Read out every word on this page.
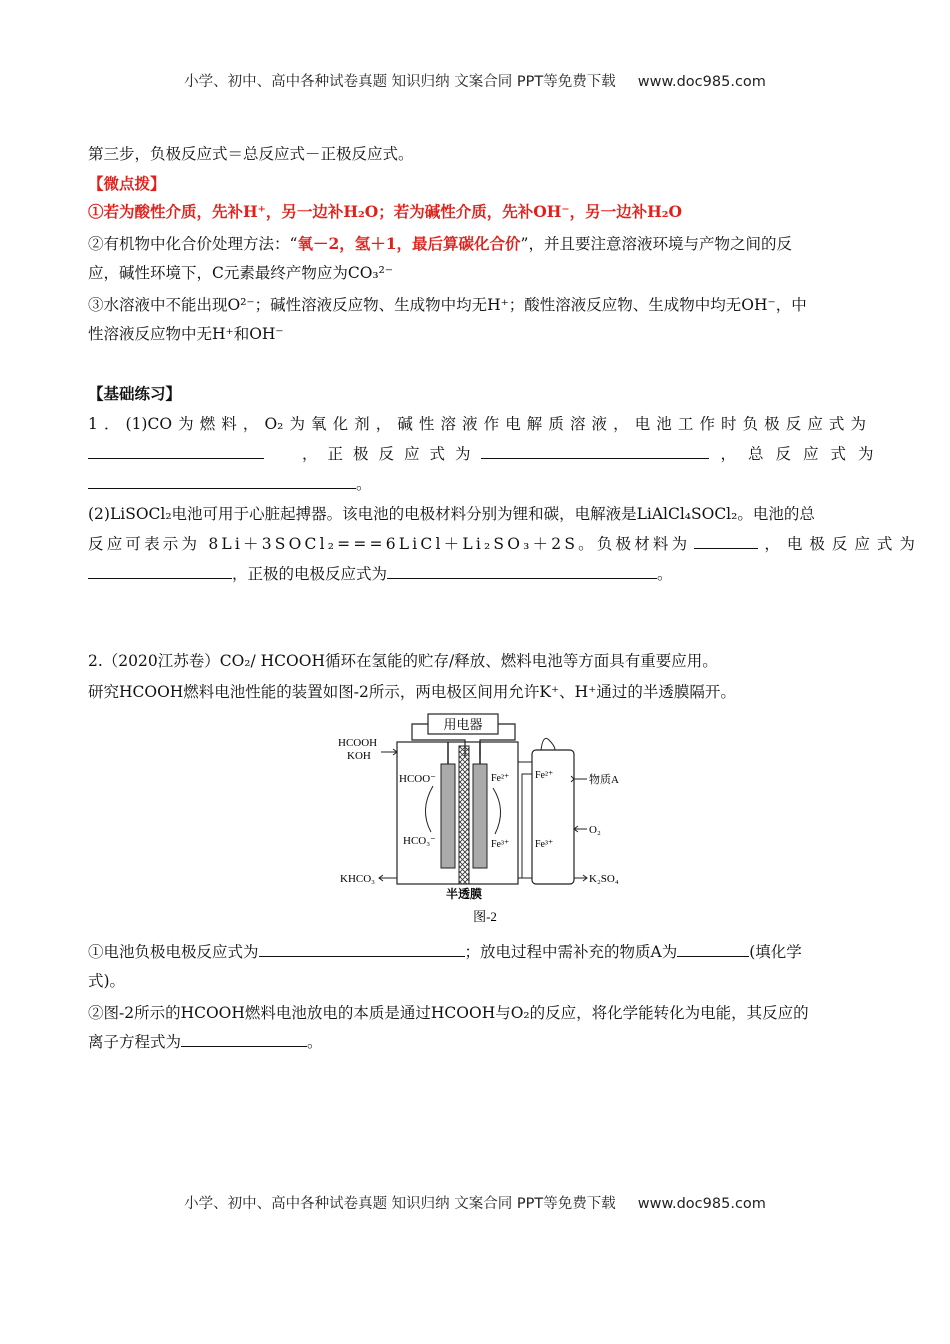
小学、初中、高中各种试卷真题 知识归纳 文案合同 PPT等免费下载 www.doc985.com
第三步，负极反应式＝总反应式－正极反应式。
【微点拨】
①若为酸性介质，先补H⁺，另一边补H₂O；若为碱性介质，先补OH⁻，另一边补H₂O
②有机物中化合价处理方法：“氧－2，氢＋1，最后算碳化合价”，并且要注意溶液环境与产物之间的反
应，碱性环境下，C元素最终产物应为CO₃²⁻
③水溶液中不能出现O²⁻；碱性溶液反应物、生成物中均无H⁺；酸性溶液反应物、生成物中均无OH⁻，中
性溶液反应物中无H⁺和OH⁻
【基础练习】
1．(1)CO为燃料，O₂为氧化剂，碱性溶液作电解质溶液，电池工作时负极反应式为
，正极反应式为	，总反应式为
。
(2)LiSOCl₂电池可用于心脏起搏器。该电池的电极材料分别为锂和碳，电解液是LiAlCl₄SOCl₂。电池的总
反应可表示为 8Li＋3SOCl₂===6LiCl＋Li₂SO₃＋2S。负极材料为	，电极反应式为
，正极的电极反应式为	。
2.（2020江苏卷）CO₂/ HCOOH循环在氢能的贮存/释放、燃料电池等方面具有重要应用。
研究HCOOH燃料电池性能的装置如图-2所示，两电极区间用允许K⁺、H⁺通过的半透膜隔开。
用电器
HCOOH
KOH
HCOO⁻
HCO₃⁻
KHCO₃
Fe²⁺
Fe³⁺
Fe²⁺
Fe³⁺
物质A
O₂
K₂SO₄
半透膜
图-2
①电池负极电极反应式为	；放电过程中需补充的物质A为	(填化学
式)。
②图-2所示的HCOOH燃料电池放电的本质是通过HCOOH与O₂的反应，将化学能转化为电能，其反应的
离子方程式为	。
小学、初中、高中各种试卷真题 知识归纳 文案合同 PPT等免费下载 www.doc985.com
